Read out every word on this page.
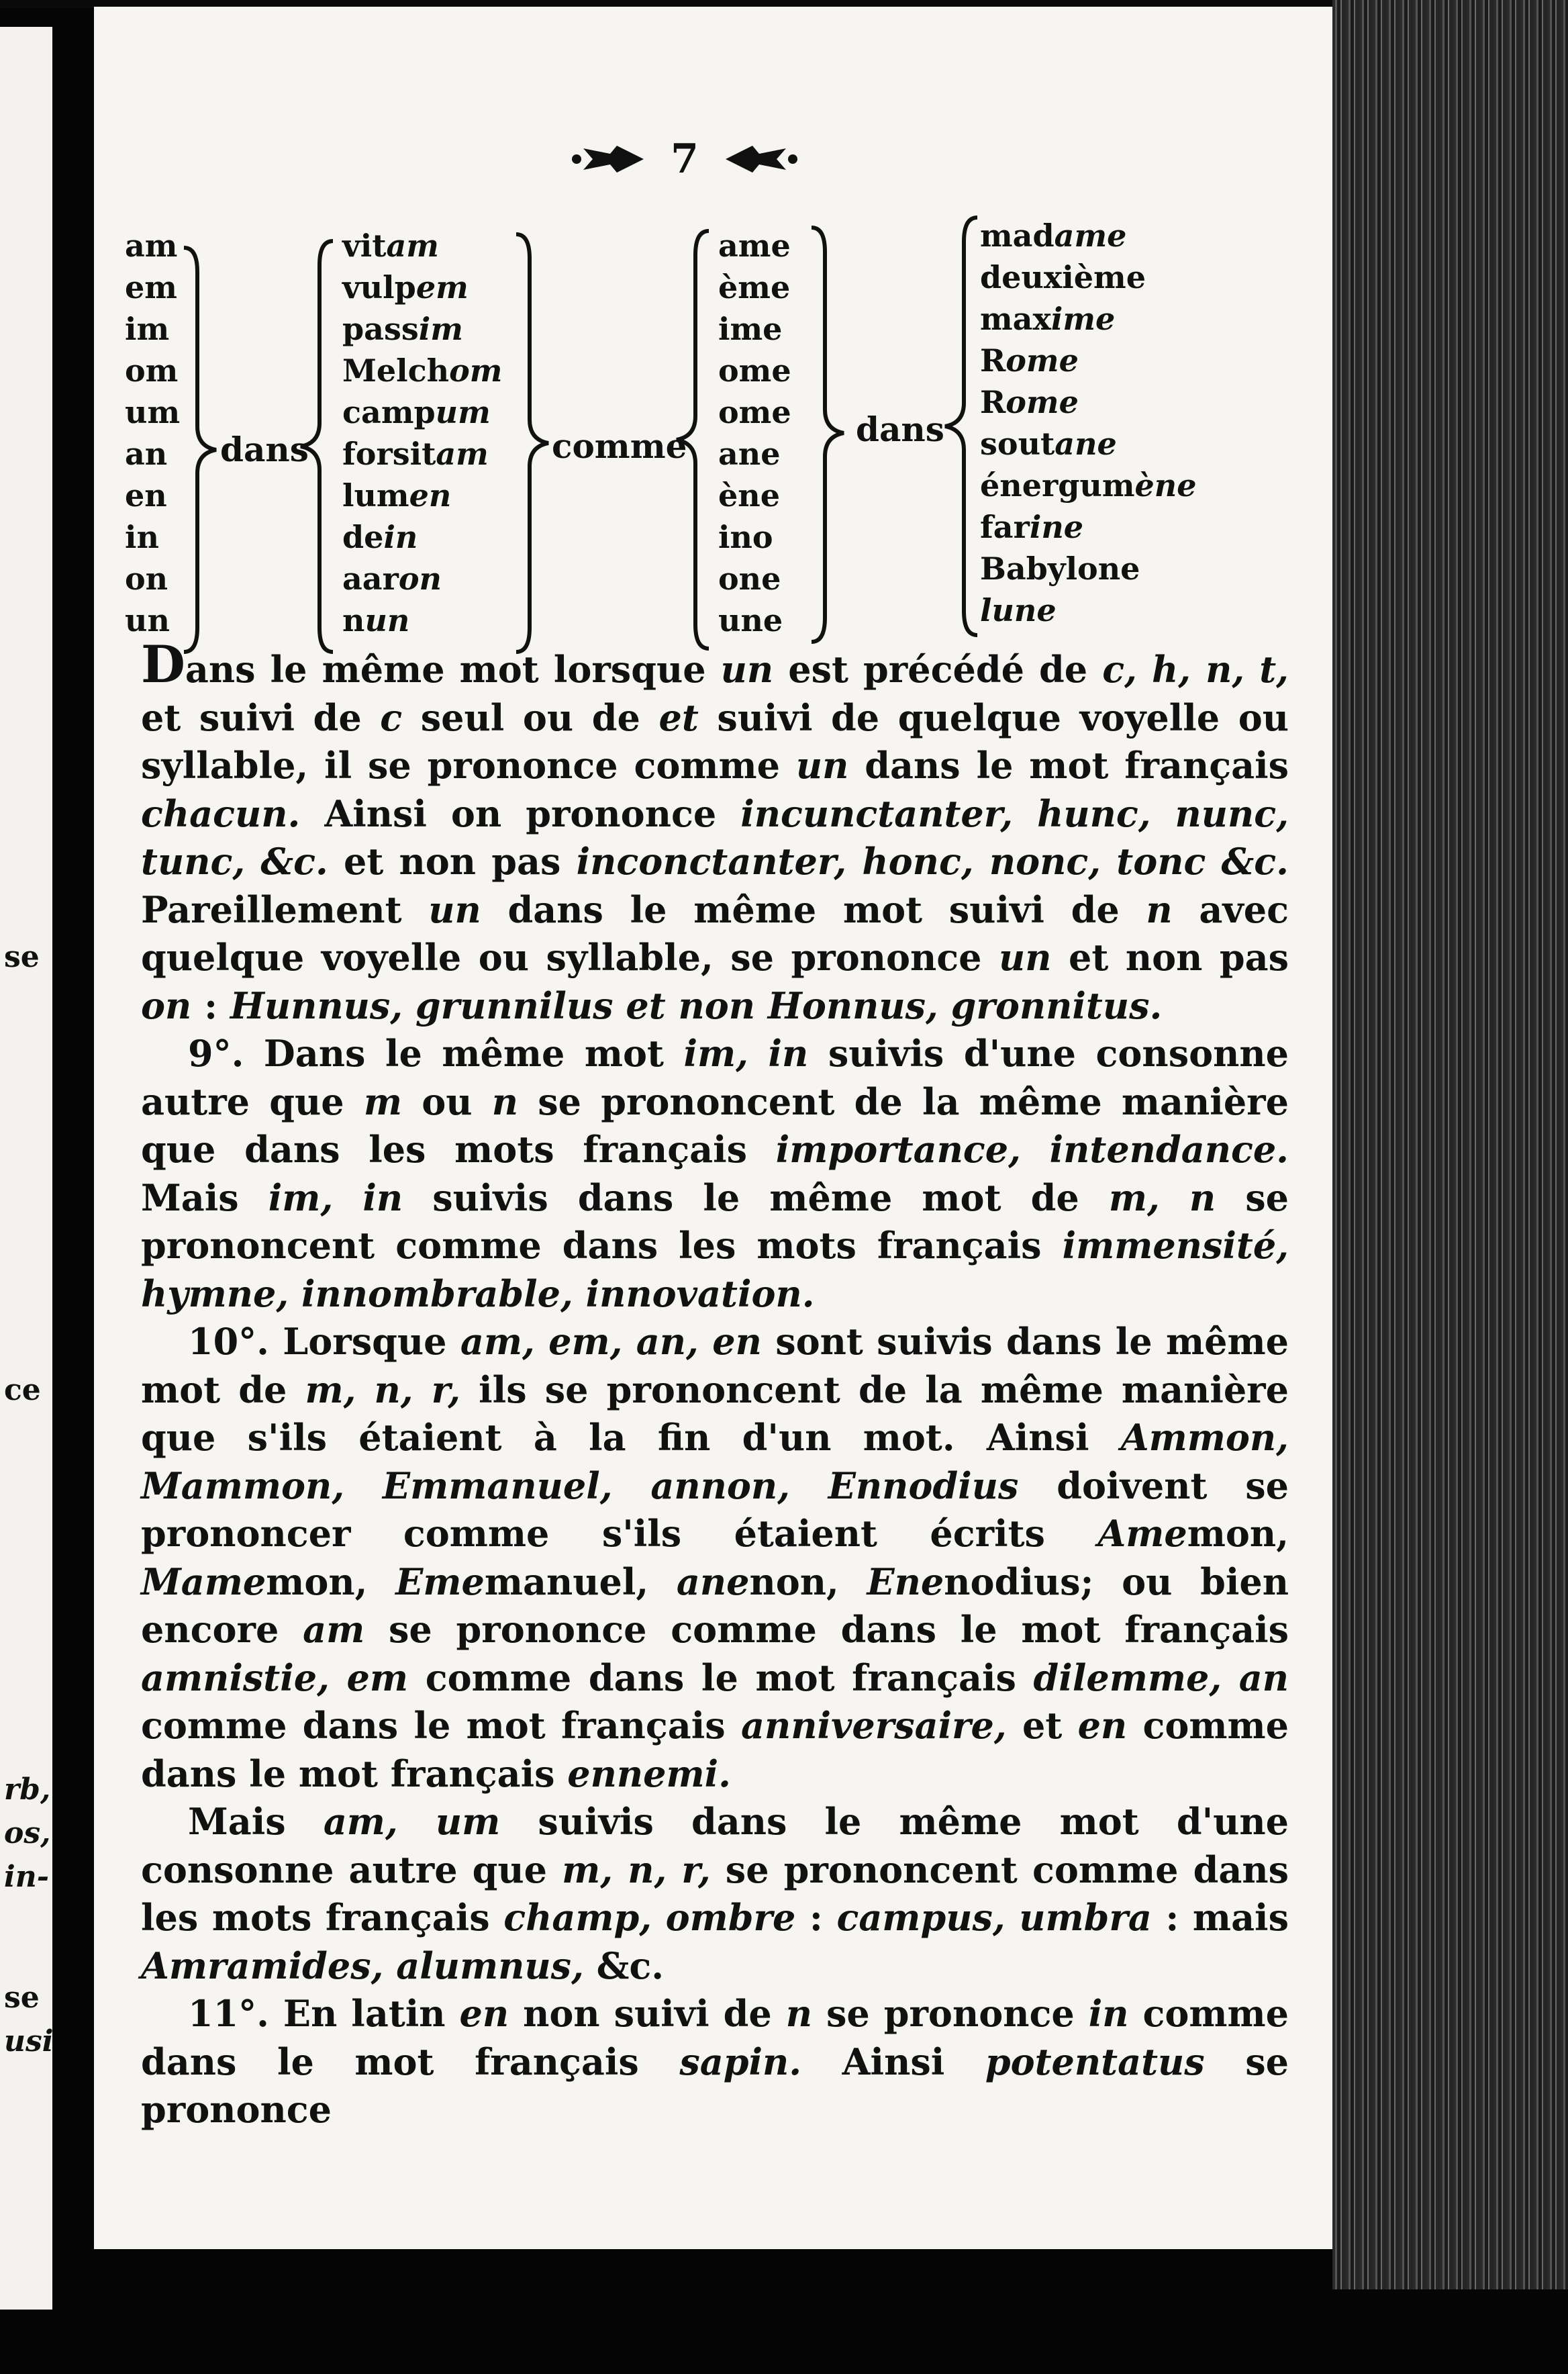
se
ce
rb,
os,
in-
se
usi
7
am
em
im
om
um
an
en
in
on
un
dans
vitam
vulpem
passim
Melchom
campum
forsitam
lumen
dein
aaron
nun
comme
ame
ème
ime
ome
ome
ane
ène
ino
one
une
dans
madame
deuxième
maxime
Rome
Rome
soutane
énergumène
farine
Babylone
lune

Dans le même mot lorsque un est précédé de c, h, n, t, et suivi de c seul ou de et suivi de quelque voyelle ou syllable, il se prononce comme un dans le mot français chacun. Ainsi on prononce incunctanter, hunc, nunc, tunc, &c. et non pas inconctanter, honc, nonc, tonc &c. Pareillement un dans le même mot suivi de n avec quelque voyelle ou syllable, se prononce un et non pas on : Hunnus, grunnilus et non Honnus, gronnitus.

9°. Dans le même mot im, in suivis d'une consonne autre que m ou n se prononcent de la même manière que dans les mots français importance, intendance. Mais im, in suivis dans le même mot de m, n se prononcent comme dans les mots français immensité, hymne, innombrable, innovation.

10°. Lorsque am, em, an, en sont suivis dans le même mot de m, n, r, ils se prononcent de la même manière que s'ils étaient à la fin d'un mot. Ainsi Ammon, Mammon, Emmanuel, annon, Ennodius doivent se prononcer comme s'ils étaient écrits Amemon, Mamemon, Ememanuel, anenon, Enenodius; ou bien encore am se prononce comme dans le mot français amnistie, em comme dans le mot français dilemme, an comme dans le mot français anniversaire, et en comme dans le mot français ennemi.

Mais am, um suivis dans le même mot d'une consonne autre que m, n, r, se prononcent comme dans les mots français champ, ombre : campus, umbra : mais Amramides, alumnus, &c.

11°. En latin en non suivi de n se prononce in comme dans le mot français sapin. Ainsi potentatus se prononce
